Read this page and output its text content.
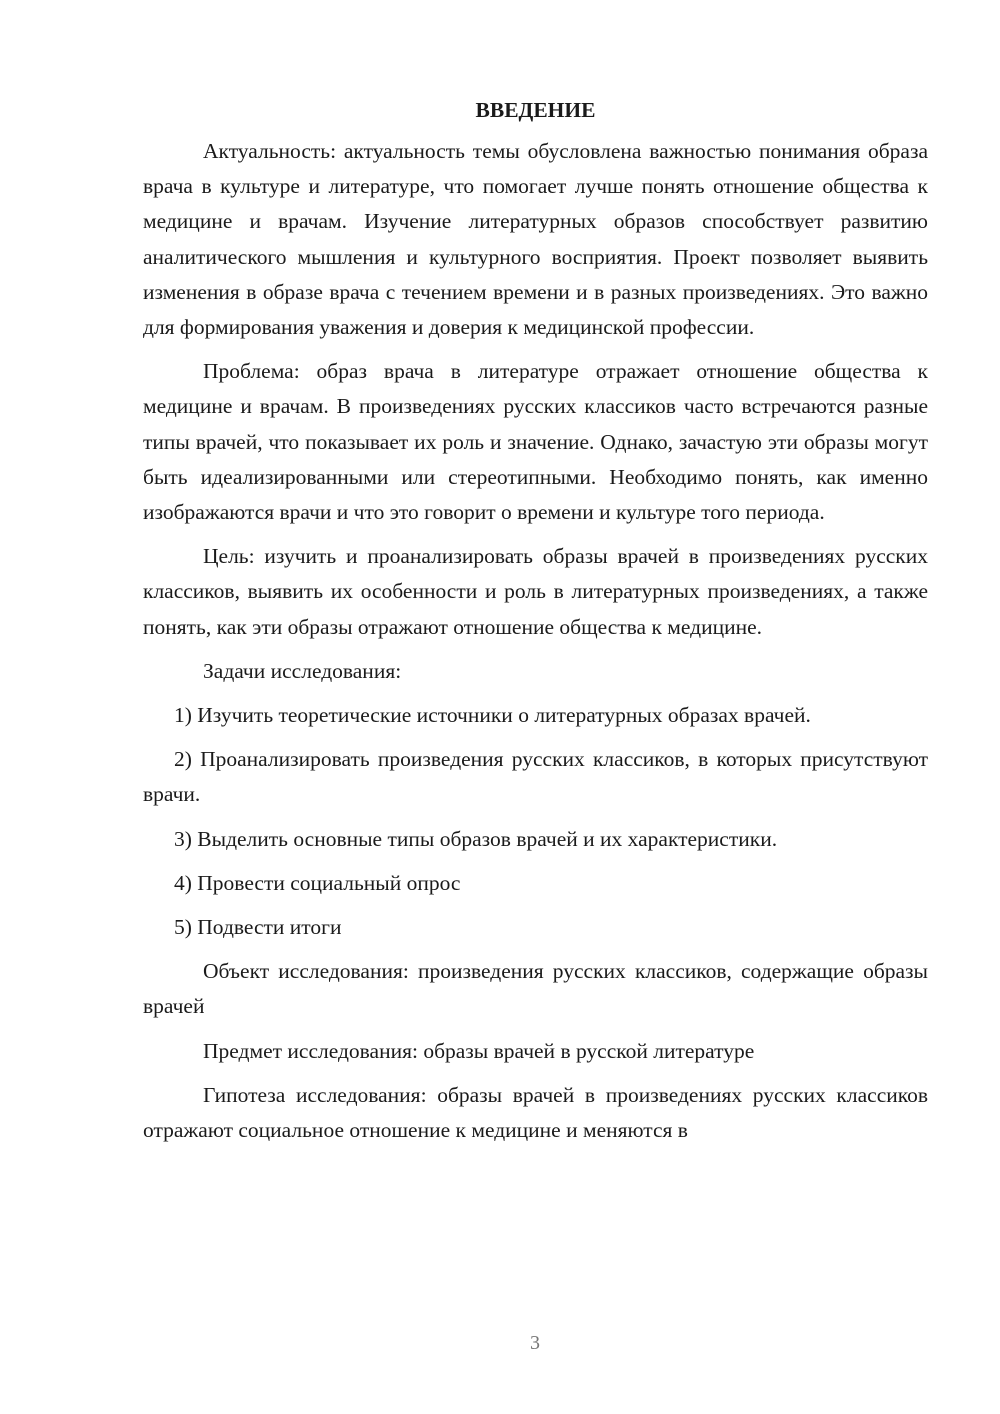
ВВЕДЕНИЕ

Актуальность: актуальность темы обусловлена важностью понимания образа врача в культуре и литературе, что помогает лучше понять отношение общества к медицине и врачам. Изучение литературных образов способствует развитию аналитического мышления и культурного восприятия. Проект позволяет выявить изменения в образе врача с течением времени и в разных произведениях. Это важно для формирования уважения и доверия к медицинской профессии.

Проблема: образ врача в литературе отражает отношение общества к медицине и врачам. В произведениях русских классиков часто встречаются разные типы врачей, что показывает их роль и значение. Однако, зачастую эти образы могут быть идеализированными или стереотипными. Необходимо понять, как именно изображаются врачи и что это говорит о времени и культуре того периода.

Цель: изучить и проанализировать образы врачей в произведениях русских классиков, выявить их особенности и роль в литературных произведениях, а также понять, как эти образы отражают отношение общества к медицине.

Задачи исследования:

1) Изучить теоретические источники о литературных образах врачей.

2) Проанализировать произведения русских классиков, в которых присутствуют врачи.

3) Выделить основные типы образов врачей и их характеристики.

4) Провести социальный опрос

5) Подвести итоги

Объект исследования: произведения русских классиков, содержащие образы врачей

Предмет исследования: образы врачей в русской литературе

Гипотеза исследования: образы врачей в произведениях русских классиков отражают социальное отношение к медицине и меняются в

3
